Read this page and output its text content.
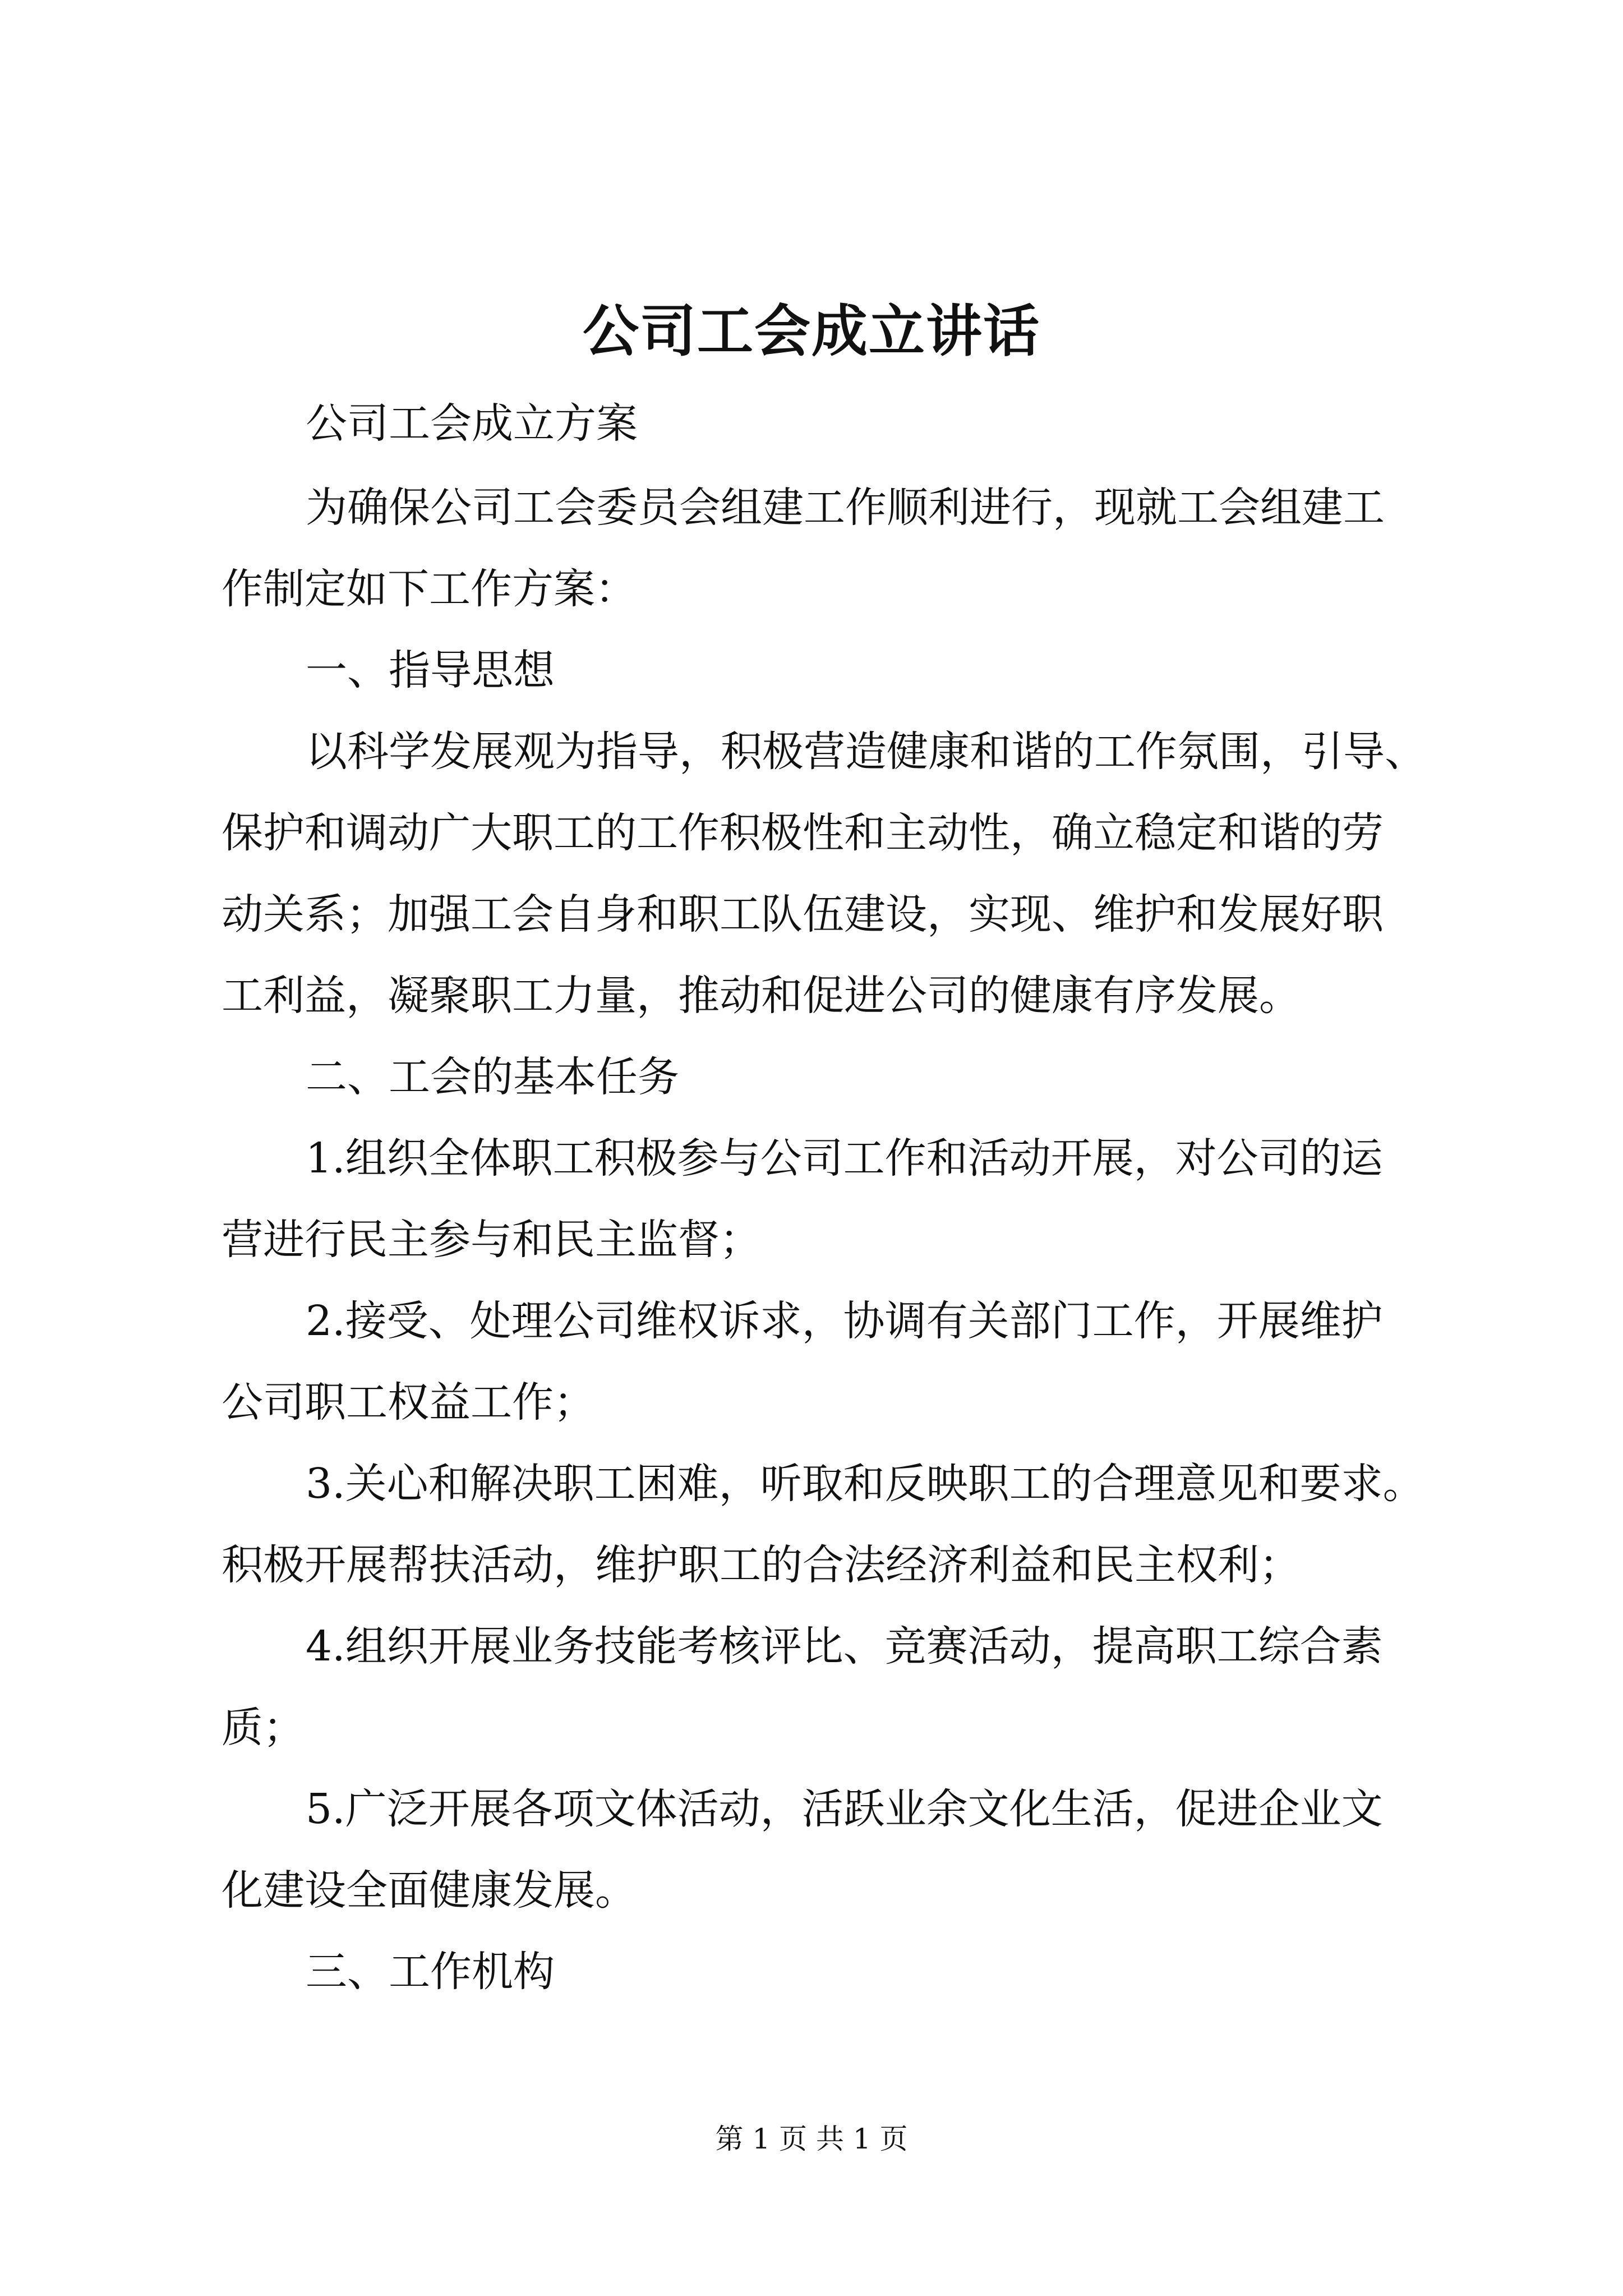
公司工会成立讲话

公司工会成立方案

为确保公司工会委员会组建工作顺利进行，现就工会组建工

作制定如下工作方案：

一、指导思想

以科学发展观为指导，积极营造健康和谐的工作氛围，引导、

保护和调动广大职工的工作积极性和主动性，确立稳定和谐的劳

动关系；加强工会自身和职工队伍建设，实现、维护和发展好职

工利益，凝聚职工力量，推动和促进公司的健康有序发展。

二、工会的基本任务

1.组织全体职工积极参与公司工作和活动开展，对公司的运

营进行民主参与和民主监督；

2.接受、处理公司维权诉求，协调有关部门工作，开展维护

公司职工权益工作；

3.关心和解决职工困难，听取和反映职工的合理意见和要求。

积极开展帮扶活动，维护职工的合法经济利益和民主权利；

4.组织开展业务技能考核评比、竞赛活动，提高职工综合素

质；

5.广泛开展各项文体活动，活跃业余文化生活，促进企业文

化建设全面健康发展。

三、工作机构

第 1 页 共 1 页
